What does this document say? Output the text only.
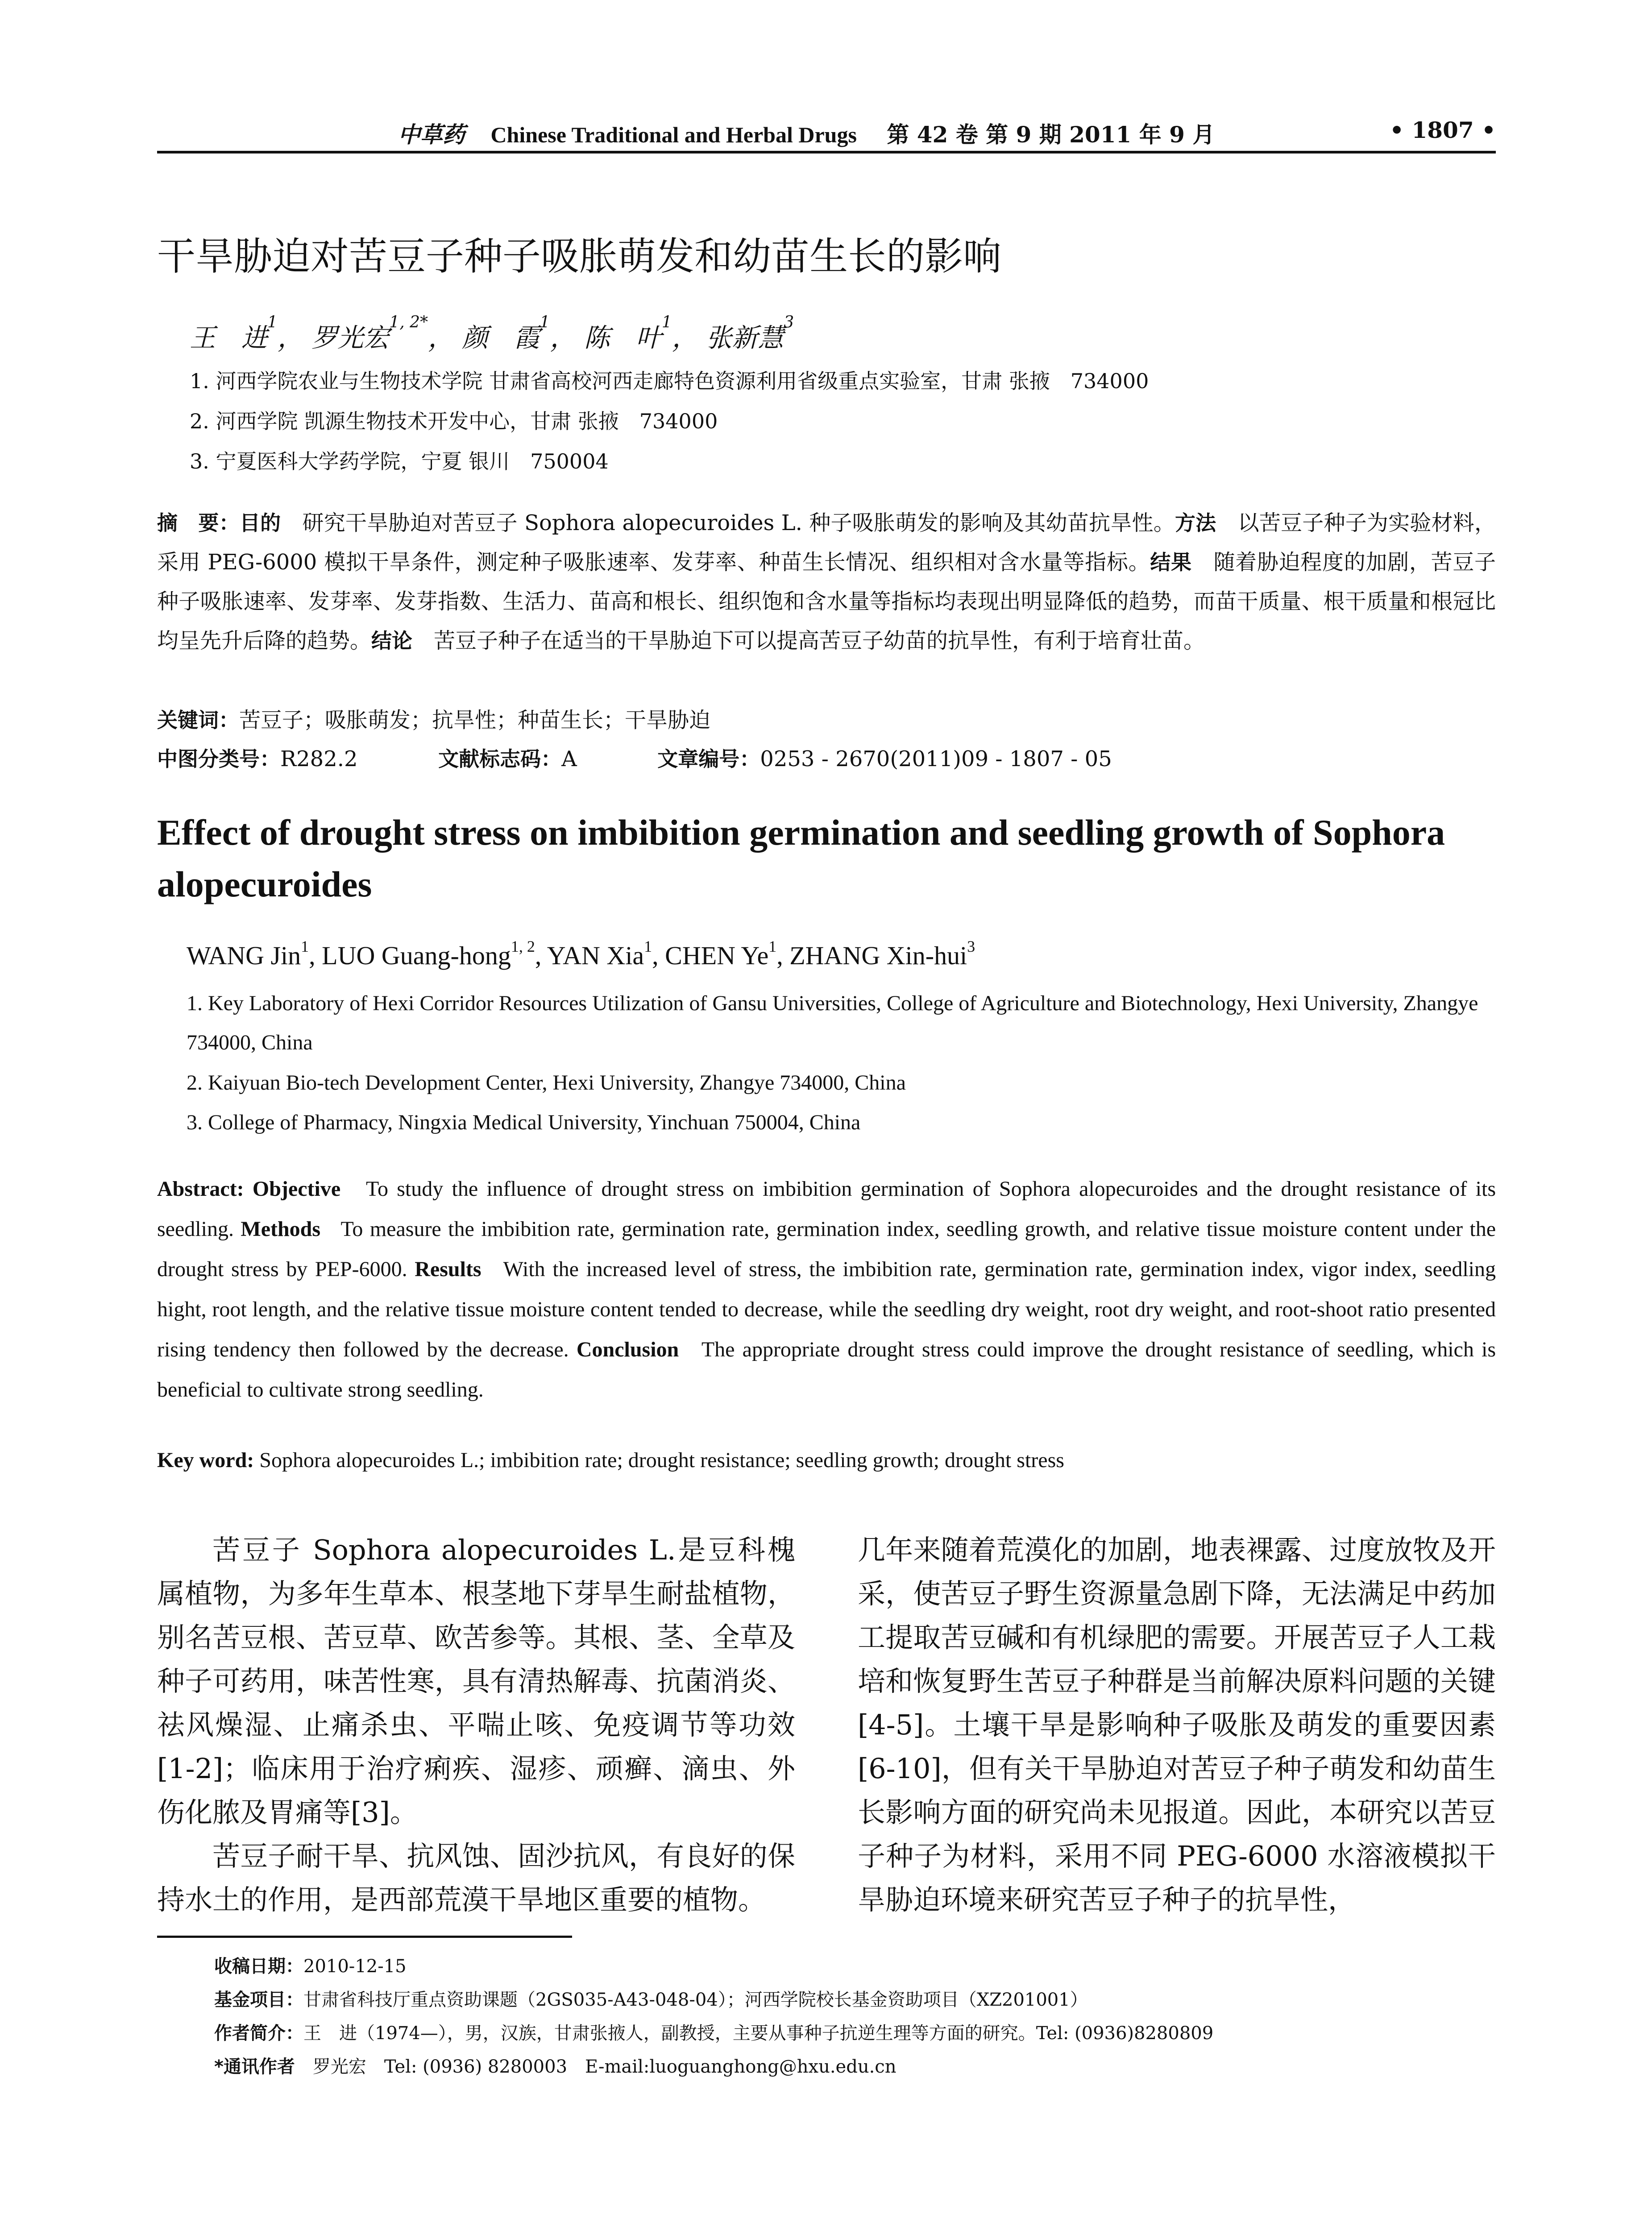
中草药 Chinese Traditional and Herbal Drugs 第 42 卷 第 9 期 2011 年 9 月	• 1807 •
干旱胁迫对苦豆子种子吸胀萌发和幼苗生长的影响
王　进$^1$， 罗光宏$^{1, 2*}$， 颜　霞$^1$， 陈　叶$^1$， 张新慧$^3$
1. 河西学院农业与生物技术学院 甘肃省高校河西走廊特色资源利用省级重点实验室，甘肃 张掖　734000
2. 河西学院 凯源生物技术开发中心，甘肃 张掖　734000
3. 宁夏医科大学药学院，宁夏 银川　750004
摘　要：目的　 研究干旱胁迫对苦豆子 Sophora alopecuroides L. 种子吸胀萌发的影响及其幼苗抗旱性。方法　 以苦豆子种子为实验材料，采用 PEG-6000 模拟干旱条件，测定种子吸胀速率、发芽率、种苗生长情况、组织相对含水量等指标。结果　 随着胁迫程度的加剧，苦豆子种子吸胀速率、发芽率、发芽指数、生活力、苗高和根长、组织饱和含水量等指标均表现出明显降低的趋势，而苗干质量、根干质量和根冠比均呈先升后降的趋势。结论　 苦豆子种子在适当的干旱胁迫下可以提高苦豆子幼苗的抗旱性，有利于培育壮苗。
关键词：苦豆子；吸胀萌发；抗旱性；种苗生长；干旱胁迫
中图分类号：R282.2	文献标志码：A	文章编号：0253 - 2670(2011)09 - 1807 - 05
Effect of drought stress on imbibition germination and seedling growth of Sophora alopecuroides
WANG Jin$^1$, LUO Guang-hong$^{1, 2}$, YAN Xia$^1$, CHEN Ye$^1$, ZHANG Xin-hui$^3$
1. Key Laboratory of Hexi Corridor Resources Utilization of Gansu Universities, College of Agriculture and Biotechnology, Hexi University, Zhangye 734000, China
2. Kaiyuan Bio-tech Development Center, Hexi University, Zhangye 734000, China
3. College of Pharmacy, Ningxia Medical University, Yinchuan 750004, China
Abstract: Objective To study the influence of drought stress on imbibition germination of Sophora alopecuroides and the drought resistance of its seedling. Methods To measure the imbibition rate, germination rate, germination index, seedling growth, and relative tissue moisture content under the drought stress by PEP-6000. Results With the increased level of stress, the imbibition rate, germination rate, germination index, vigor index, seedling hight, root length, and the relative tissue moisture content tended to decrease, while the seedling dry weight, root dry weight, and root-shoot ratio presented rising tendency then followed by the decrease. Conclusion The appropriate drought stress could improve the drought resistance of seedling, which is beneficial to cultivate strong seedling.
Key word: Sophora alopecuroides L.; imbibition rate; drought resistance; seedling growth; drought stress

苦豆子 Sophora alopecuroides L.是豆科槐属植物，为多年生草本、根茎地下芽旱生耐盐植物，别名苦豆根、苦豆草、欧苦参等。其根、茎、全草及种子可药用，味苦性寒，具有清热解毒、抗菌消炎、祛风燥湿、止痛杀虫、平喘止咳、免疫调节等功效[1-2]；临床用于治疗痢疾、湿疹、顽癣、滴虫、外伤化脓及胃痛等[3]。

苦豆子耐干旱、抗风蚀、固沙抗风，有良好的保持水土的作用，是西部荒漠干旱地区重要的植物。

几年来随着荒漠化的加剧，地表裸露、过度放牧及开采，使苦豆子野生资源量急剧下降，无法满足中药加工提取苦豆碱和有机绿肥的需要。开展苦豆子人工栽培和恢复野生苦豆子种群是当前解决原料问题的关键[4-5]。土壤干旱是影响种子吸胀及萌发的重要因素[6-10]，但有关干旱胁迫对苦豆子种子萌发和幼苗生长影响方面的研究尚未见报道。因此，本研究以苦豆子种子为材料，采用不同 PEG-6000 水溶液模拟干旱胁迫环境来研究苦豆子种子的抗旱性，

收稿日期：2010-12-15
基金项目：甘肃省科技厅重点资助课题（2GS035-A43-048-04）；河西学院校长基金资助项目（XZ201001）
作者简介：王　进（1974—），男，汉族，甘肃张掖人，副教授，主要从事种子抗逆生理等方面的研究。Tel: (0936)8280809
*通讯作者　 罗光宏　Tel: (0936) 8280003　E-mail:luoguanghong@hxu.edu.cn
